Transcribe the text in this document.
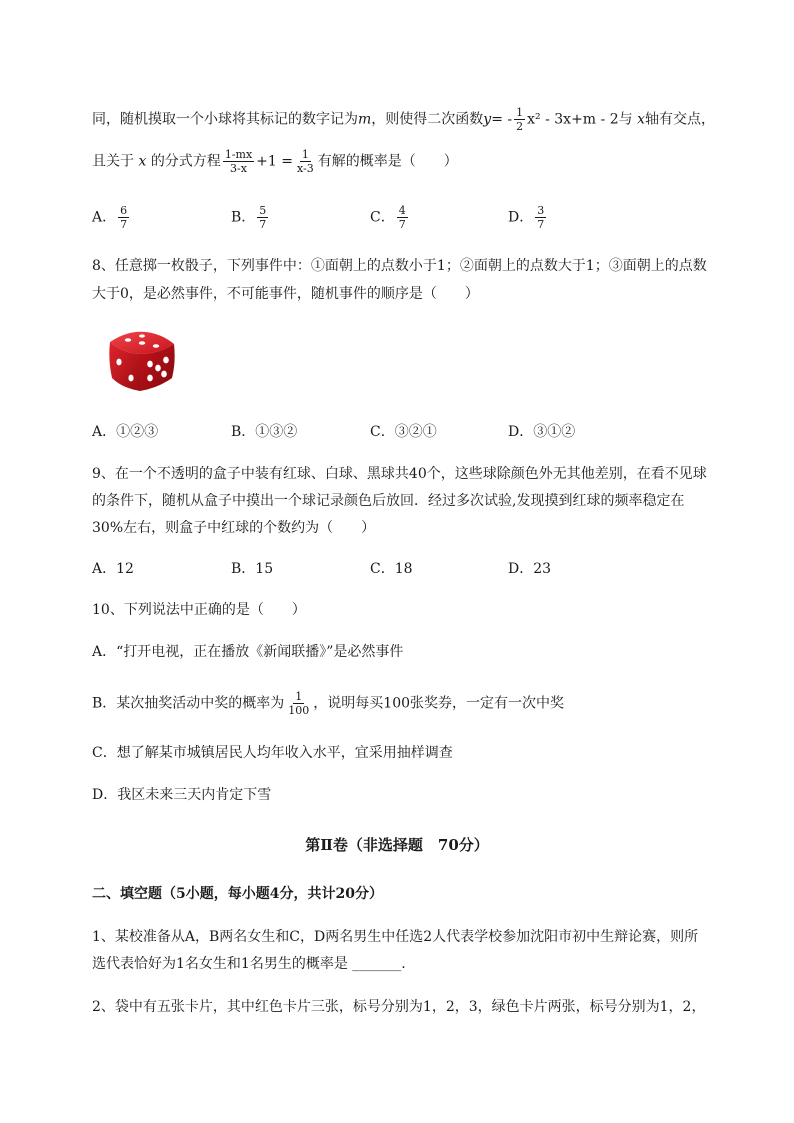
同，随机摸取一个小球将其标记的数字记为m，则使得二次函数$y= - \frac{1}{2} x^2 - 3x+m - 2$与 x轴有交点，
且关于 x 的分式方程 $\frac{1-mx}{3-x} +1 = \frac{1}{x-3}$ 有解的概率是（　　）
A． $\frac{6}{7}$	B． $\frac{5}{7}$	C． $\frac{4}{7}$	D． $\frac{3}{7}$
8、任意掷一枚骰子，下列事件中：①面朝上的点数小于1；②面朝上的点数大于1；③面朝上的点数
大于0，是必然事件，不可能事件，随机事件的顺序是（　　）
A．①②③	B．①③②	C．③②①	D．③①②
9、在一个不透明的盒子中装有红球、白球、黑球共40个，这些球除颜色外无其他差别，在看不见球
的条件下，随机从盒子中摸出一个球记录颜色后放回．经过多次试验,发现摸到红球的频率稳定在
30%左右，则盒子中红球的个数约为（　　）
A．12	B．15	C．18	D．23
10、下列说法中正确的是（　　）
A．“打开电视，正在播放《新闻联播》”是必然事件
B．某次抽奖活动中奖的概率为 $\frac{1}{100}$ ，说明每买100张奖券，一定有一次中奖
C．想了解某市城镇居民人均年收入水平，宜采用抽样调查
D．我区未来三天内肯定下雪
第Ⅱ卷（非选择题　70分）
二、填空题（5小题，每小题4分，共计20分）
1、某校准备从A，B两名女生和C，D两名男生中任选2人代表学校参加沈阳市初中生辩论赛，则所
选代表恰好为1名女生和1名男生的概率是 _______.
2、袋中有五张卡片，其中红色卡片三张，标号分别为1，2，3，绿色卡片两张，标号分别为1，2，
